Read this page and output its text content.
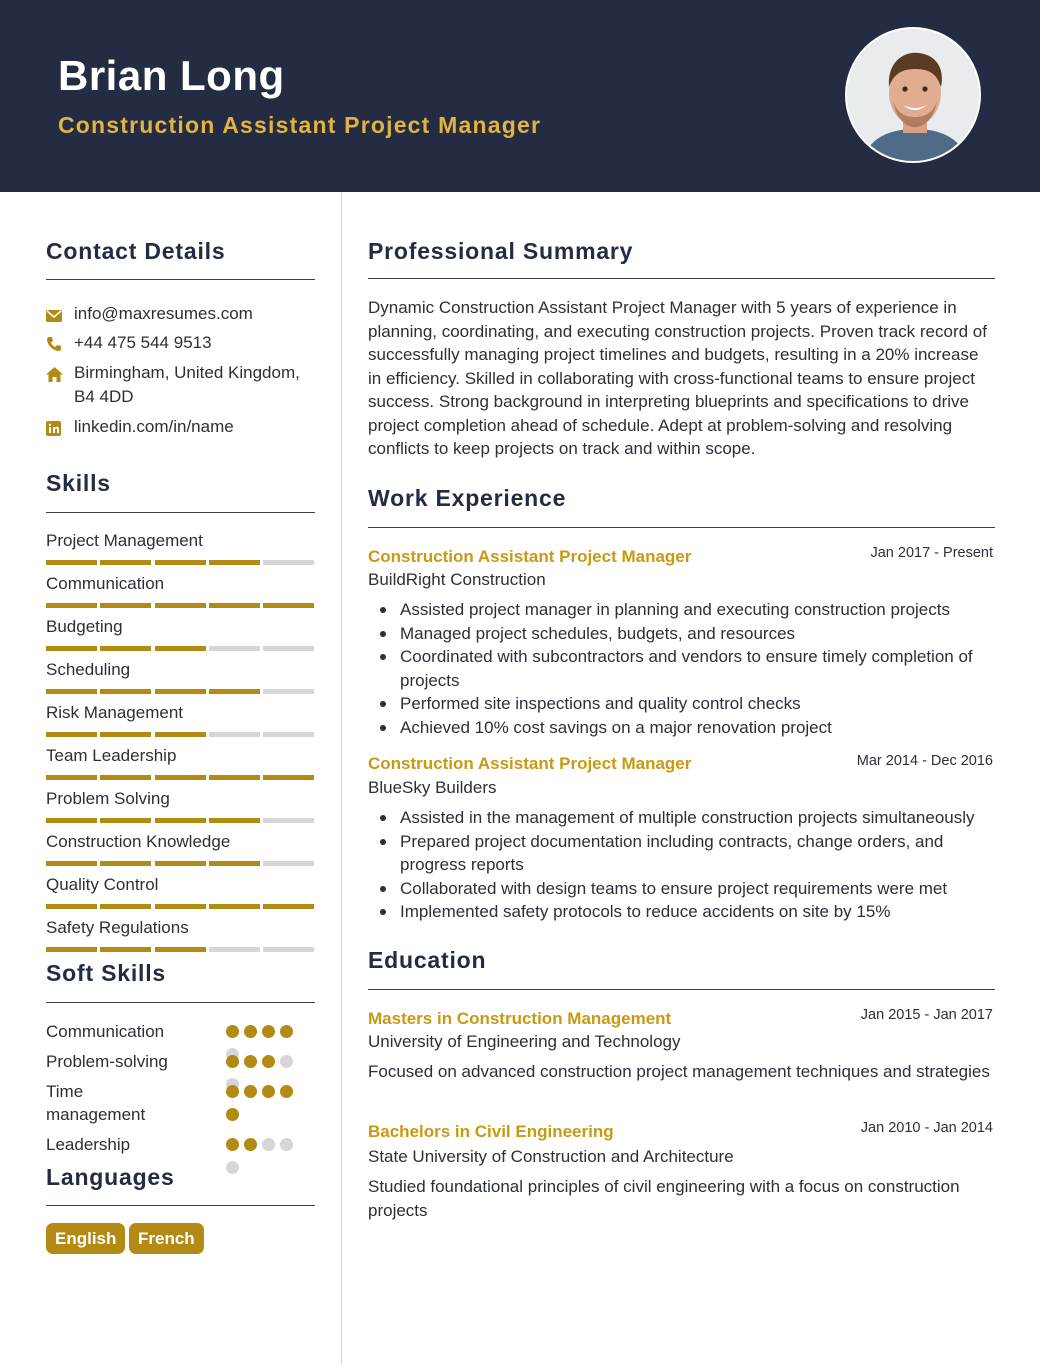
Brian Long
Construction Assistant Project Manager
Contact Details
info@maxresumes.com
+44 475 544 9513
Birmingham, United Kingdom, B4 4DD
linkedin.com/in/name
Skills
Project Management
Communication
Budgeting
Scheduling
Risk Management
Team Leadership
Problem Solving
Construction Knowledge
Quality Control
Safety Regulations
Soft Skills
Communication
Problem-solving
Time management
Leadership
Languages
English	French
Professional Summary
Dynamic Construction Assistant Project Manager with 5 years of experience in planning, coordinating, and executing construction projects. Proven track record of successfully managing project timelines and budgets, resulting in a 20% increase in efficiency. Skilled in collaborating with cross-functional teams to ensure project success. Strong background in interpreting blueprints and specifications to drive project completion ahead of schedule. Adept at problem-solving and resolving conflicts to keep projects on track and within scope.
Work Experience
Construction Assistant Project Manager	Jan 2017 - Present
BuildRight Construction
Assisted project manager in planning and executing construction projects
Managed project schedules, budgets, and resources
Coordinated with subcontractors and vendors to ensure timely completion of projects
Performed site inspections and quality control checks
Achieved 10% cost savings on a major renovation project
Construction Assistant Project Manager	Mar 2014 - Dec 2016
BlueSky Builders
Assisted in the management of multiple construction projects simultaneously
Prepared project documentation including contracts, change orders, and progress reports
Collaborated with design teams to ensure project requirements were met
Implemented safety protocols to reduce accidents on site by 15%
Education
Masters in Construction Management	Jan 2015 - Jan 2017
University of Engineering and Technology
Focused on advanced construction project management techniques and strategies
Bachelors in Civil Engineering	Jan 2010 - Jan 2014
State University of Construction and Architecture
Studied foundational principles of civil engineering with a focus on construction projects
